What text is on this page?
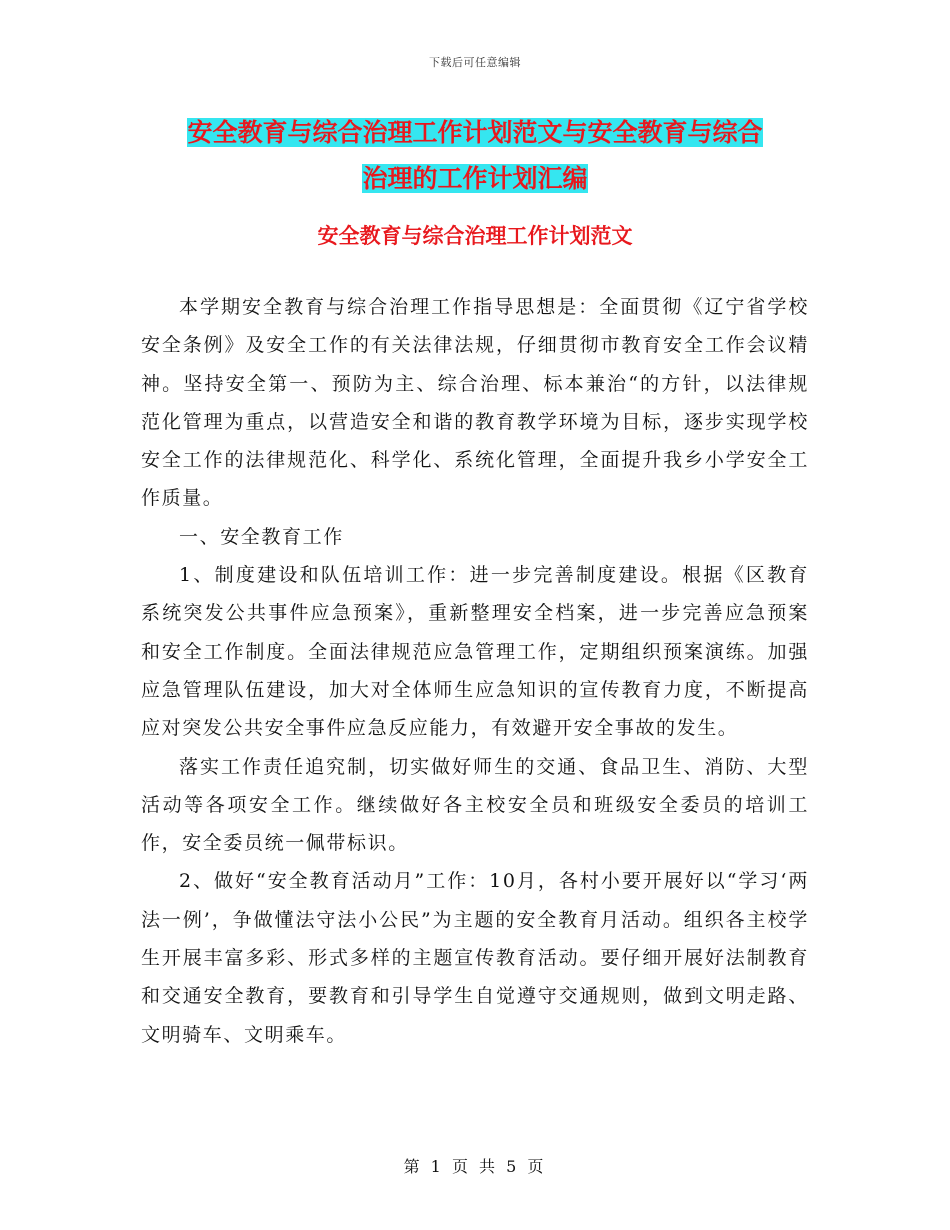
下载后可任意编辑
安全教育与综合治理工作计划范文与安全教育与综合
治理的工作计划汇编
安全教育与综合治理工作计划范文

本学期安全教育与综合治理工作指导思想是：全面贯彻《辽宁省学校安全条例》及安全工作的有关法律法规，仔细贯彻市教育安全工作会议精神。坚持安全第一、预防为主、综合治理、标本兼治“的方针，以法律规范化管理为重点，以营造安全和谐的教育教学环境为目标，逐步实现学校安全工作的法律规范化、科学化、系统化管理，全面提升我乡小学安全工作质量。

一、安全教育工作

1、制度建设和队伍培训工作：进一步完善制度建设。根据《区教育系统突发公共事件应急预案》，重新整理安全档案，进一步完善应急预案和安全工作制度。全面法律规范应急管理工作，定期组织预案演练。加强应急管理队伍建设，加大对全体师生应急知识的宣传教育力度，不断提高应对突发公共安全事件应急反应能力，有效避开安全事故的发生。

落实工作责任追究制，切实做好师生的交通、食品卫生、消防、大型活动等各项安全工作。继续做好各主校安全员和班级安全委员的培训工作，安全委员统一佩带标识。

2、做好“安全教育活动月”工作：10月，各村小要开展好以“学习‘两法一例’，争做懂法守法小公民”为主题的安全教育月活动。组织各主校学生开展丰富多彩、形式多样的主题宣传教育活动。要仔细开展好法制教育和交通安全教育，要教育和引导学生自觉遵守交通规则，做到文明走路、文明骑车、文明乘车。

第 1 页 共 5 页
